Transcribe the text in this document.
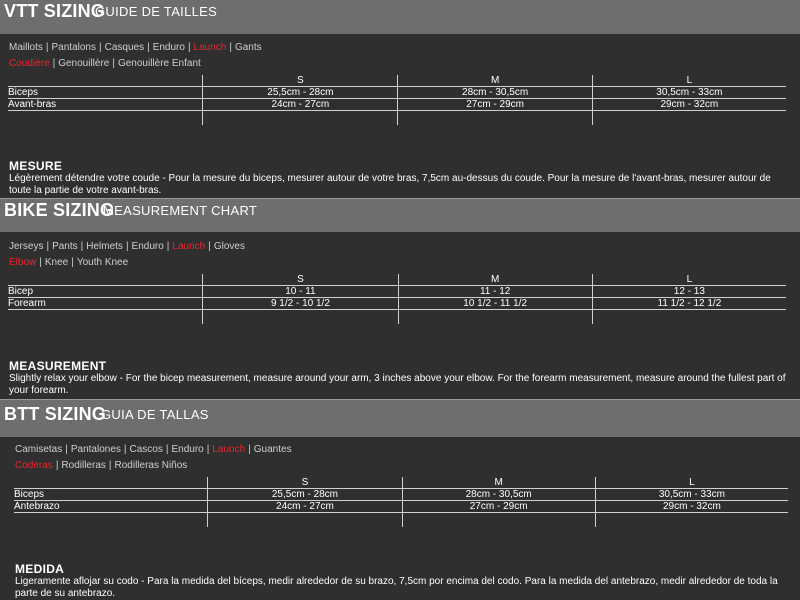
VTT SIZING
GUIDE DE TAILLES
Maillots | Pantalons | Casques | Enduro | Launch | Gants
Coudière | Genouillère | Genouillère Enfant
	S	M	L
Biceps	25,5cm - 28cm	28cm - 30,5cm	30,5cm - 33cm
Avant-bras	24cm - 27cm	27cm - 29cm	29cm - 32cm

MESURE
Légèrement détendre votre coude - Pour la mesure du biceps, mesurer autour de votre bras, 7,5cm au-dessus du coude. Pour la mesure de l'avant-bras, mesurer autour de toute la partie de votre avant-bras.
BIKE SIZING
MEASUREMENT CHART
Jerseys | Pants | Helmets | Enduro | Launch | Gloves
Elbow | Knee | Youth Knee
	S	M	L
Bicep	10 - 11	11 - 12	12 - 13
Forearm	9 1/2 - 10 1/2	10 1/2 - 11 1/2	11 1/2 - 12 1/2

MEASUREMENT
Slightly relax your elbow - For the bicep measurement, measure around your arm, 3 inches above your elbow. For the forearm measurement, measure around the fullest part of your forearm.
BTT SIZING
GUIA DE TALLAS
Camisetas | Pantalones | Cascos | Enduro | Launch | Guantes
Coderas | Rodilleras | Rodilleras Niños
	S	M	L
Biceps	25,5cm - 28cm	28cm - 30,5cm	30,5cm - 33cm
Antebrazo	24cm - 27cm	27cm - 29cm	29cm - 32cm

MEDIDA
Ligeramente aflojar su codo - Para la medida del bíceps, medir alrededor de su brazo, 7,5cm por encima del codo. Para la medida del antebrazo, medir alrededor de toda la parte de su antebrazo.
